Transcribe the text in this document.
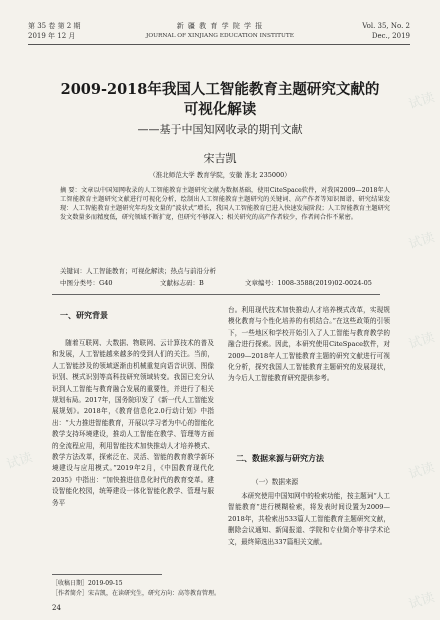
第 35 卷 第 2 期
2019 年 12 月
新 疆 教 育 学 院 学 报
JOURNAL OF XINJIANG EDUCATION INSTITUTE
Vol. 35, No. 2
Dec., 2019
2009-2018年我国人工智能教育主题研究文献的
可视化解读
——基于中国知网收录的期刊文献
宋吉凯
（淮北师范大学 教育学院，安徽 淮北 235000）
摘 要：文章以中国知网收录的人工智能教育主题研究文献为数据基础，使用CiteSpace软件，对我国2009—2018年人工智能教育主题研究文献进行可视化分析，绘制出人工智能教育主题研究的关键词、高产作者等知识图谱、研究结果发现：人工智能教育主题研究年均发文量的“波状式”增长，我国人工智能教育已进入快速发展阶段；人工智能教育主题研究发文数量多而精度低，研究领域不断扩宽，但研究不够深入；相关研究的高产作者较少，作者间合作不紧密。
关键词：人工智能教育；可视化解读；热点与前沿分析
中图分类号：G40	文献标志码：B	文章编号：1008-3588(2019)02-0024-05
一、研究背景

随着互联网、大数据、物联网、云计算技术的普及和发展，人工智能越来越多的受到人们的关注。当前，人工智能涉及的领域逐渐由机械重复向语音识别、图像识别、模式识别等高科技研究领域转变。我国已充分认识到人工智能与教育融合发展的重要性，并进行了相关规划布局。2017年，国务院印发了《新一代人工智能发展规划》。2018年，《教育信息化2.0行动计划》中指出：“大力推进智能教育，开展以学习者为中心的智能化教学支持环境建设，推动人工智能在教学、管理等方面的全流程应用，利用智能技术加快推动人才培养模式、教学方法改革，探索泛在、灵活、智能的教育教学新环境建设与应用模式。”2019年2月，《中国教育现代化2035》中指出：“加快推进信息化时代的教育变革。建设智能化校园，统筹建设一体化智能化教学、管理与服务平

台。利用现代技术加快推动人才培养模式改革，实现规模化教育与个性化培养的有机结合。”在这些政策的引领下，一些地区和学校开始引入了人工智能与教育教学的融合进行探索。因此，本研究使用CiteSpace软件，对2009—2018年人工智能教育主题的研究文献进行可视化分析，探究我国人工智能教育主题研究的发展现状，为今后人工智能教育研究提供参考。

二、数据来源与研究方法
（一）数据来源

本研究使用中国知网中的检索功能，按主题词“人工智能教育”进行模糊检索，将发表时间设置为2009—2018年，共检索出533篇人工智能教育主题研究文献，删除会议通知、新闻报道、学院和专业简介等非学术论文，最终筛选出337篇相关文献。

［收稿日期］2019-09-15
［作者简介］宋吉凯，在读研究生，研究方向：高等教育管理。
24
试读
试读
试读
试读
试读
试读
